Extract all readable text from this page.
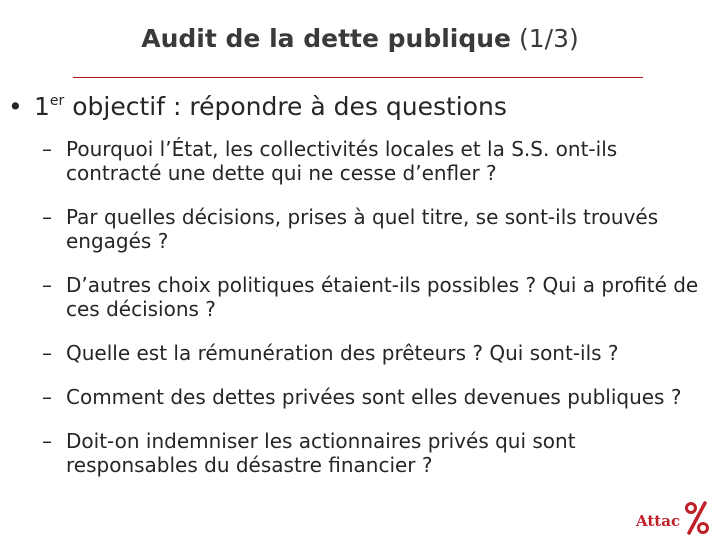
Audit de la dette publique (1/3)
• 1er objectif : répondre à des questions
– Pourquoi l’État, les collectivités locales et la S.S. ont-ils contracté une dette qui ne cesse d’enfler ?
– Par quelles décisions, prises à quel titre, se sont-ils trouvés engagés ?
– D’autres choix politiques étaient-ils possibles ? Qui a profité de ces décisions ?
– Quelle est la rémunération des prêteurs ? Qui sont-ils ?
– Comment des dettes privées sont elles devenues publiques ?
– Doit-on indemniser les actionnaires privés qui sont responsables du désastre financier ?
Attac
